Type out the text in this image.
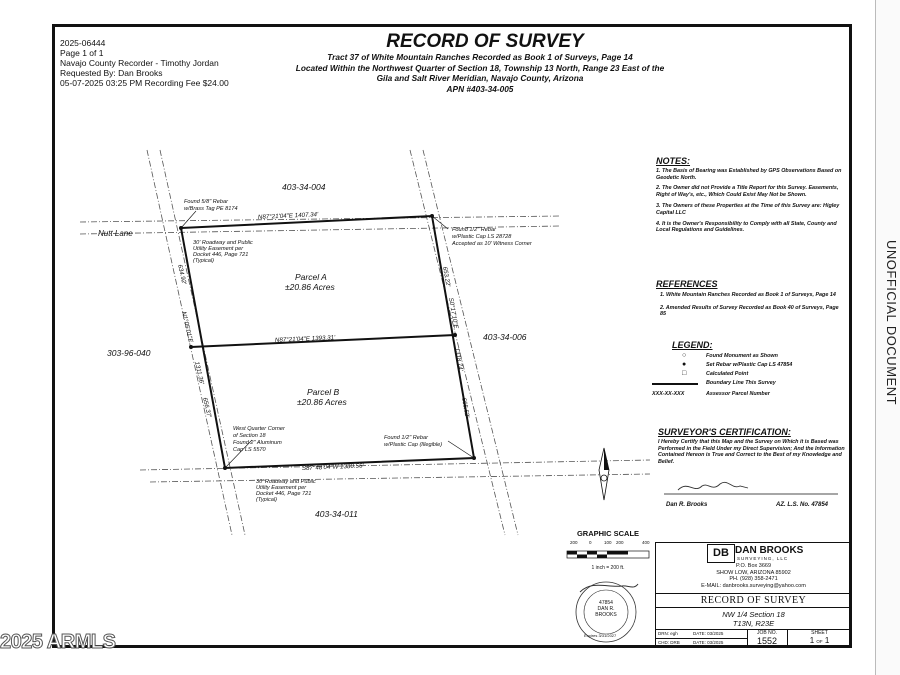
2025-06444
Page 1 of 1
Navajo County Recorder - Timothy Jordan
Requested By: Dan Brooks
05-07-2025 03:25 PM Recording Fee $24.00
RECORD OF SURVEY
Tract 37 of White Mountain Ranches Recorded as Book 1 of Surveys, Page 14
Located Within the Northwest Quarter of Section 18, Township 13 North, Range 23 East of the
Gila and Salt River Meridian, Navajo County, Arizona
APN #403-34-005
403-34-004
403-34-006
303-96-040
403-34-011
Nutt Lane
Parcel A
±20.86 Acres
Parcel B
±20.86 Acres
N87°21'04"E 1407.34'
N87°21'04"E 1393.31'
S87°48'04"W 1380.56'
634.92'
N1°05'01"E
1311.36'
656.37'
653.22'
S0°17'10"E
1318.74'
665.52'
Found 5/8" Rebar
w/Brass Tag PE 8174
Found 1/2" Rebar
w/Plastic Cap LS 28728
Accepted as 10' Witness Corner
30' Roadway and Public
Utility Easement per
Docket 446, Page 721
(Typical)
West Quarter Corner
of Section 18
Found 2" Aluminum
Cap LS 5570
Found 1/2" Rebar
w/Plastic Cap (Illegible)
30' Roadway and Public
Utility Easement per
Docket 446, Page 721
(Typical)
NOTES:
1. The Basis of Bearing was Established by GPS Observations Based on Geodetic North.
2. The Owner did not Provide a Title Report for this Survey. Easements, Right of Way's, etc., Which Could Exist May Not be Shown.
3. The Owners of these Properties at the Time of this Survey are: Higley Capital LLC
4. It is the Owner's Responsibility to Comply with all State, County and Local Regulations and Guidelines.
REFERENCES
1. White Mountain Ranches Recorded as Book 1 of Surveys, Page 14
2. Amended Results of Survey Recorded as Book 40 of Surveys, Page 85
LEGEND:
○	Found Monument as Shown
●	Set Rebar w/Plastic Cap LS 47854
□	Calculated Point
Boundary Line This Survey
XXX-XX-XXX	Assessor Parcel Number
SURVEYOR'S CERTIFICATION:
I Hereby Certify that this Map and the Survey on Which it is Based was Performed in the Field Under my Direct Supervision; And the Information Contained Hereon is True and Correct to the Best of my Knowledge and Belief.
Dan R. Brooks	AZ. L.S. No. 47854
GRAPHIC SCALE
200	0	100 200	400
1 inch = 200 ft.
47854
DAN R.
BROOKS
Expires 3/31/2027
DB DAN BROOKS
SURVEYING, LLC
P.O. Box 3669
SHOW LOW, ARIZONA 85902
PH. (928) 358-2471
E-MAIL: danbrooks.surveying@yahoo.com
RECORD OF SURVEY
NW 1/4 Section 18
T13N, R23E
DRN: egh	DATE: 03/2025
CHD: DRB	DATE: 03/2025
JOB NO.
1552
SHEET
1 OF 1
UNOFFICIAL DOCUMENT
2025 ARMLS
